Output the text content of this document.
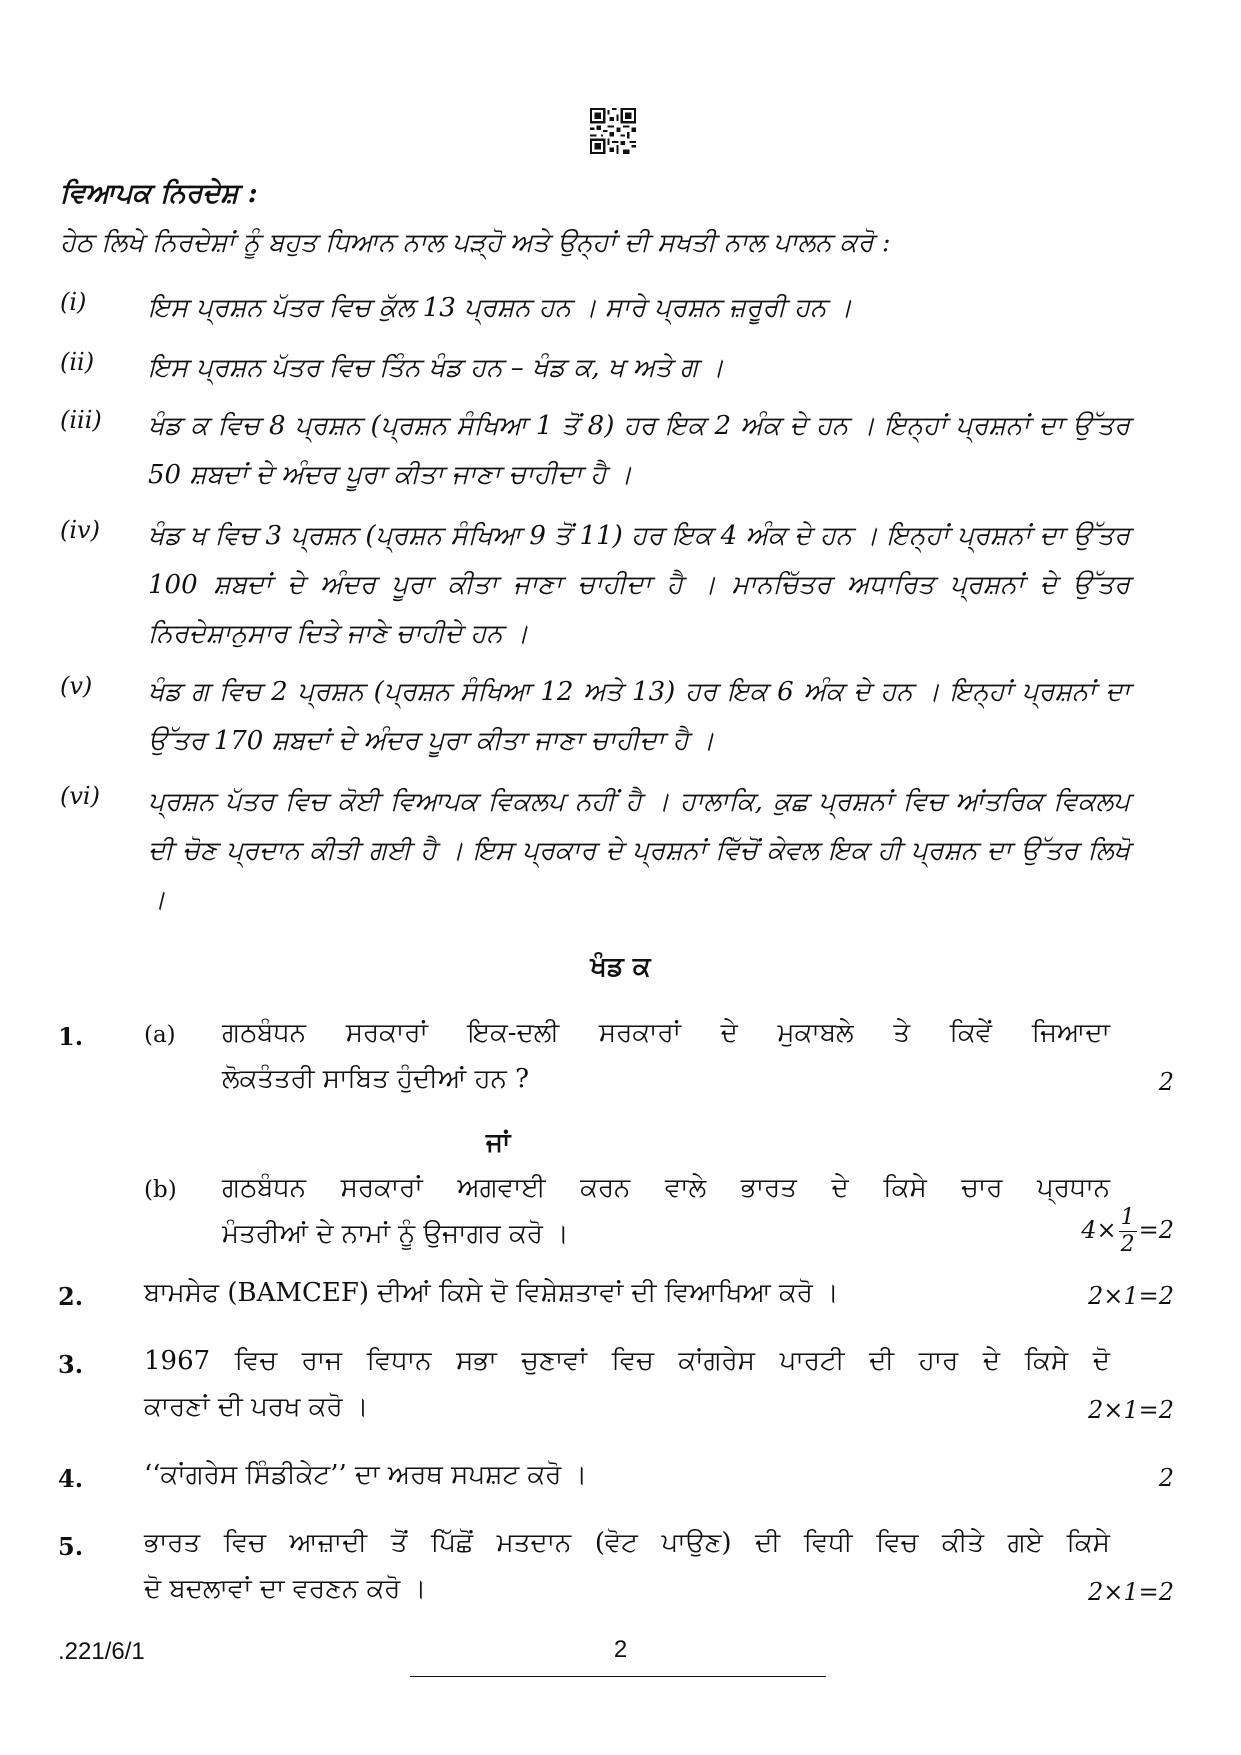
ਵਿਆਪਕ ਨਿਰਦੇਸ਼ :
ਹੇਠ ਲਿਖੇ ਨਿਰਦੇਸ਼ਾਂ ਨੂੰ ਬਹੁਤ ਧਿਆਨ ਨਾਲ ਪੜ੍ਹੋ ਅਤੇ ਉਨ੍ਹਾਂ ਦੀ ਸਖਤੀ ਨਾਲ ਪਾਲਨ ਕਰੋ :
(i) ਇਸ ਪ੍ਰਸ਼ਨ ਪੱਤਰ ਵਿਚ ਕੁੱਲ 13 ਪ੍ਰਸ਼ਨ ਹਨ । ਸਾਰੇ ਪ੍ਰਸ਼ਨ ਜ਼ਰੂਰੀ ਹਨ ।
(ii) ਇਸ ਪ੍ਰਸ਼ਨ ਪੱਤਰ ਵਿਚ ਤਿੰਨ ਖੰਡ ਹਨ – ਖੰਡ ਕ, ਖ ਅਤੇ ਗ ।
(iii) ਖੰਡ ਕ ਵਿਚ 8 ਪ੍ਰਸ਼ਨ (ਪ੍ਰਸ਼ਨ ਸੰਖਿਆ 1 ਤੋਂ 8) ਹਰ ਇਕ 2 ਅੰਕ ਦੇ ਹਨ । ਇਨ੍ਹਾਂ ਪ੍ਰਸ਼ਨਾਂ ਦਾ ਉੱਤਰ 50 ਸ਼ਬਦਾਂ ਦੇ ਅੰਦਰ ਪੂਰਾ ਕੀਤਾ ਜਾਣਾ ਚਾਹੀਦਾ ਹੈ ।
(iv) ਖੰਡ ਖ ਵਿਚ 3 ਪ੍ਰਸ਼ਨ (ਪ੍ਰਸ਼ਨ ਸੰਖਿਆ 9 ਤੋਂ 11) ਹਰ ਇਕ 4 ਅੰਕ ਦੇ ਹਨ । ਇਨ੍ਹਾਂ ਪ੍ਰਸ਼ਨਾਂ ਦਾ ਉੱਤਰ 100 ਸ਼ਬਦਾਂ ਦੇ ਅੰਦਰ ਪੂਰਾ ਕੀਤਾ ਜਾਣਾ ਚਾਹੀਦਾ ਹੈ । ਮਾਨਚਿੱਤਰ ਅਧਾਰਿਤ ਪ੍ਰਸ਼ਨਾਂ ਦੇ ਉੱਤਰ ਨਿਰਦੇਸ਼ਾਨੁਸਾਰ ਦਿਤੇ ਜਾਣੇ ਚਾਹੀਦੇ ਹਨ ।
(v) ਖੰਡ ਗ ਵਿਚ 2 ਪ੍ਰਸ਼ਨ (ਪ੍ਰਸ਼ਨ ਸੰਖਿਆ 12 ਅਤੇ 13) ਹਰ ਇਕ 6 ਅੰਕ ਦੇ ਹਨ । ਇਨ੍ਹਾਂ ਪ੍ਰਸ਼ਨਾਂ ਦਾ ਉੱਤਰ 170 ਸ਼ਬਦਾਂ ਦੇ ਅੰਦਰ ਪੂਰਾ ਕੀਤਾ ਜਾਣਾ ਚਾਹੀਦਾ ਹੈ ।
(vi) ਪ੍ਰਸ਼ਨ ਪੱਤਰ ਵਿਚ ਕੋਈ ਵਿਆਪਕ ਵਿਕਲਪ ਨਹੀਂ ਹੈ । ਹਾਲਾਕਿ, ਕੁਛ ਪ੍ਰਸ਼ਨਾਂ ਵਿਚ ਆਂਤਰਿਕ ਵਿਕਲਪ ਦੀ ਚੋਣ ਪ੍ਰਦਾਨ ਕੀਤੀ ਗਈ ਹੈ । ਇਸ ਪ੍ਰਕਾਰ ਦੇ ਪ੍ਰਸ਼ਨਾਂ ਵਿੱਚੋਂ ਕੇਵਲ ਇਕ ਹੀ ਪ੍ਰਸ਼ਨ ਦਾ ਉੱਤਰ ਲਿਖੋ ।
ਖੰਡ ਕ
1.	(a) ਗਠਬੰਧਨ ਸਰਕਾਰਾਂ ਇਕ-ਦਲੀ ਸਰਕਾਰਾਂ ਦੇ ਮੁਕਾਬਲੇ ਤੇ ਕਿਵੇਂ ਜਿਆਦਾ
ਲੋਕਤੰਤਰੀ ਸਾਬਿਤ ਹੁੰਦੀਆਂ ਹਨ ?	2
ਜਾਂ
(b) ਗਠਬੰਧਨ ਸਰਕਾਰਾਂ ਅਗਵਾਈ ਕਰਨ ਵਾਲੇ ਭਾਰਤ ਦੇ ਕਿਸੇ ਚਾਰ ਪ੍ਰਧਾਨ
ਮੰਤਰੀਆਂ ਦੇ ਨਾਮਾਂ ਨੂੰ ਉਜਾਗਰ ਕਰੋ ।	$4\times \frac{1}{2} =2$
2. ਬਾਮਸੇਫ (BAMCEF) ਦੀਆਂ ਕਿਸੇ ਦੋ ਵਿਸ਼ੇਸ਼ਤਾਵਾਂ ਦੀ ਵਿਆਖਿਆ ਕਰੋ ।	2×1=2
3. 1967 ਵਿਚ ਰਾਜ ਵਿਧਾਨ ਸਭਾ ਚੁਣਾਵਾਂ ਵਿਚ ਕਾਂਗਰੇਸ ਪਾਰਟੀ ਦੀ ਹਾਰ ਦੇ ਕਿਸੇ ਦੋ
ਕਾਰਣਾਂ ਦੀ ਪਰਖ ਕਰੋ ।	2×1=2
4. ‘‘ਕਾਂਗਰੇਸ ਸਿੰਡੀਕੇਟ’’ ਦਾ ਅਰਥ ਸਪਸ਼ਟ ਕਰੋ ।	2
5. ਭਾਰਤ ਵਿਚ ਆਜ਼ਾਦੀ ਤੋਂ ਪਿੱਛੋਂ ਮਤਦਾਨ (ਵੋਟ ਪਾਉਣ) ਦੀ ਵਿਧੀ ਵਿਚ ਕੀਤੇ ਗਏ ਕਿਸੇ
ਦੋ ਬਦਲਾਵਾਂ ਦਾ ਵਰਣਨ ਕਰੋ ।	2×1=2
.221/6/1	2
